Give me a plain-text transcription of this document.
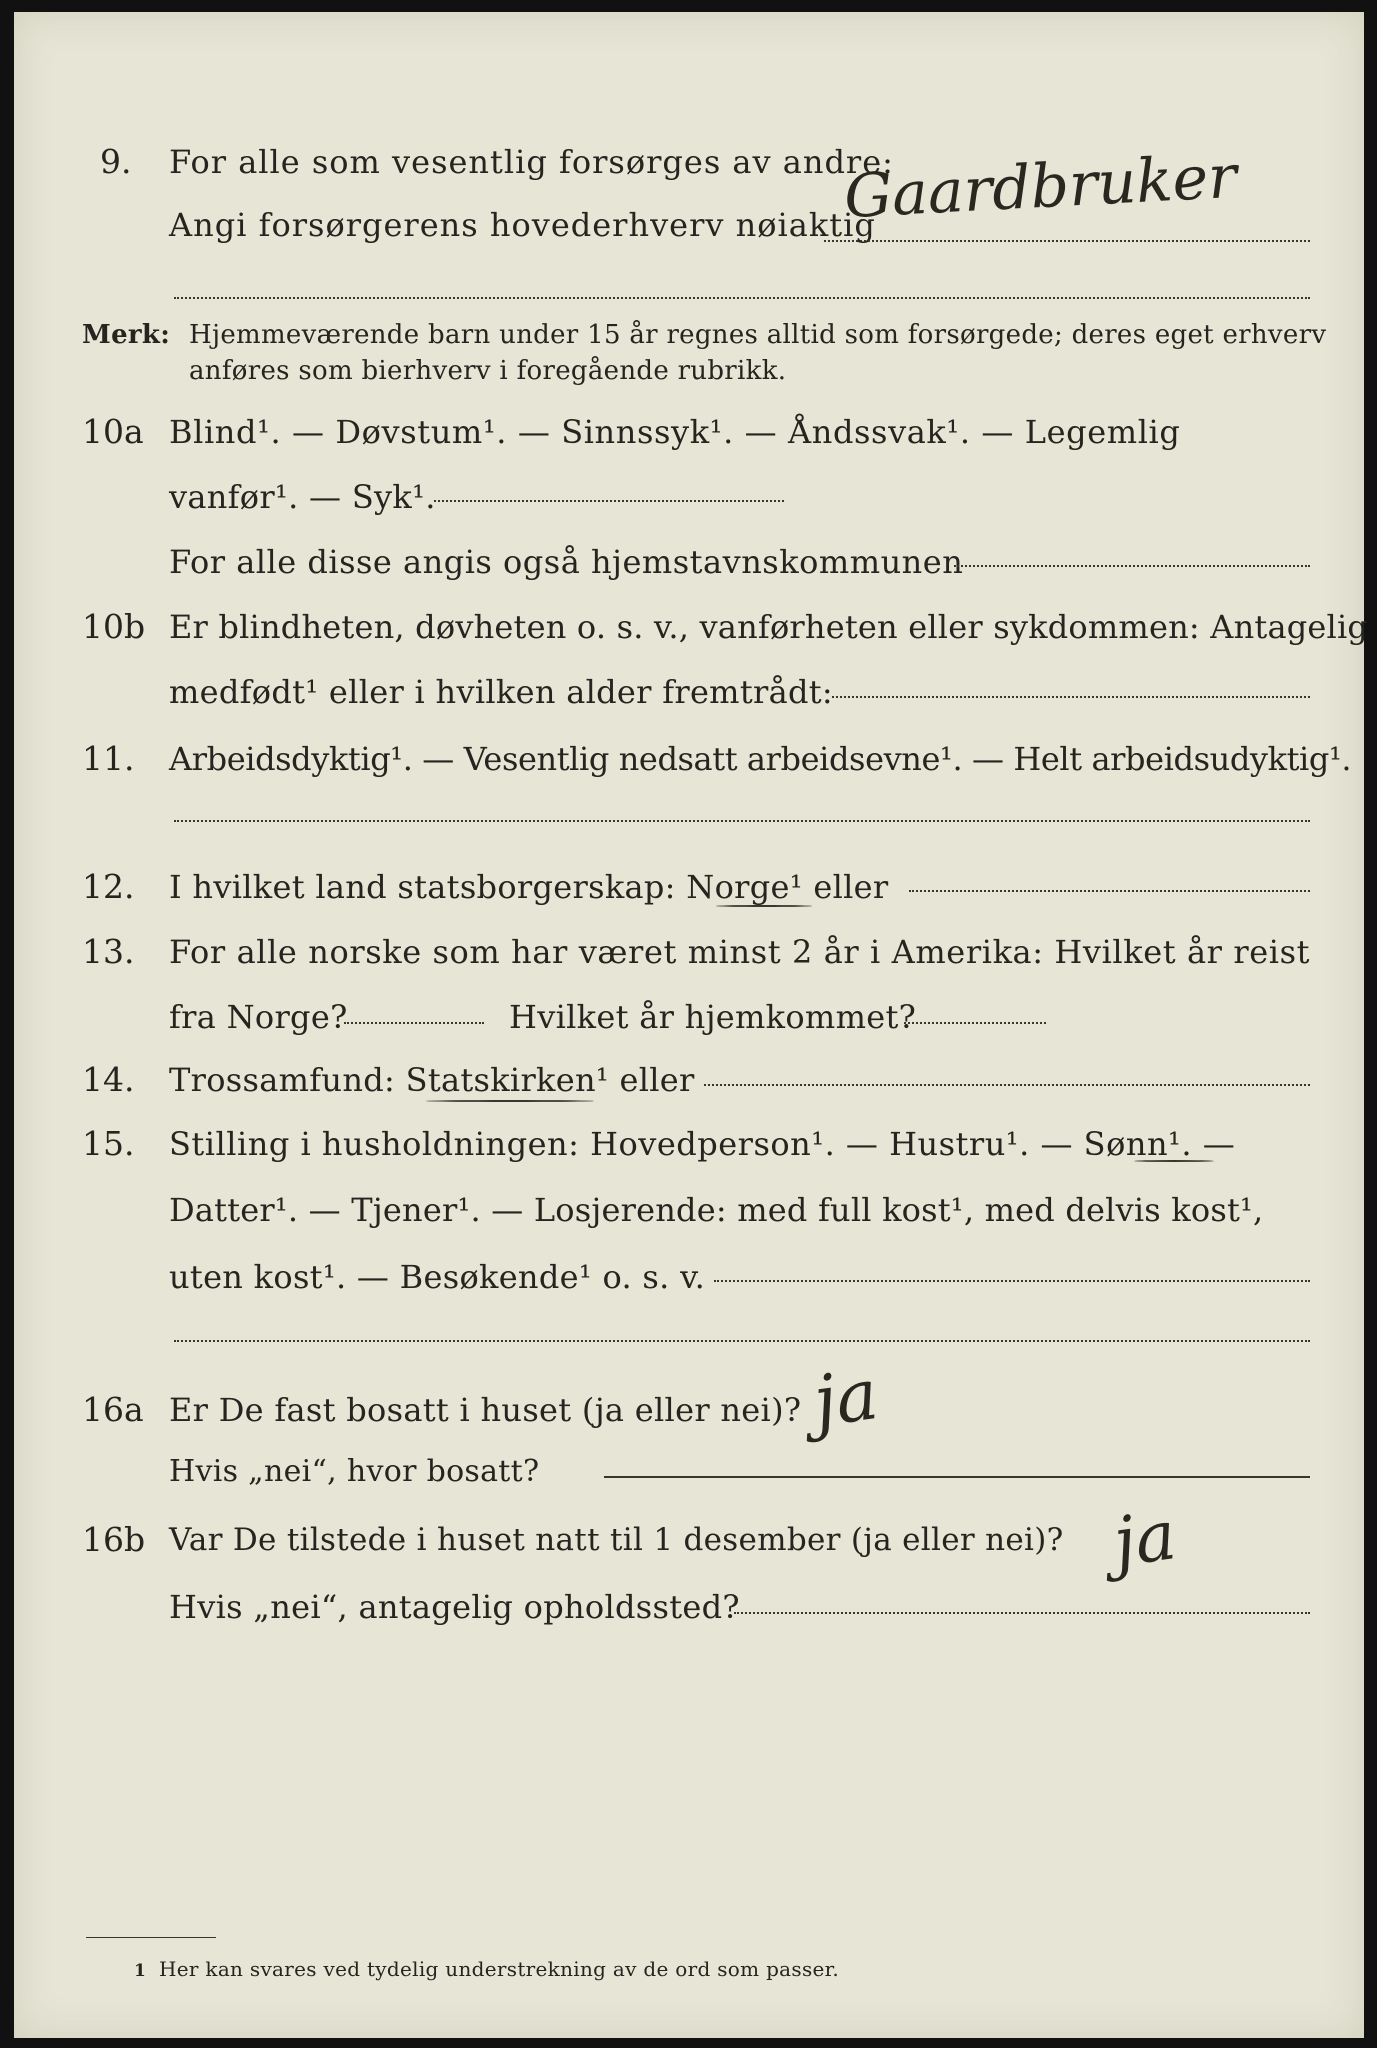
9. For alle som vesentlig forsørges av andre:
Gaardbruker
Angi forsørgerens hovederhverv nøiaktig
Merk: Hjemmeværende barn under 15 år regnes alltid som forsørgede; deres eget erhverv
anføres som bierhverv i foregående rubrikk.
10a Blind¹. — Døvstum¹. — Sinnssyk¹. — Åndssvak¹. — Legemlig
vanfør¹. — Syk¹.
For alle disse angis også hjemstavnskommunen
10b Er blindheten, døvheten o. s. v., vanførheten eller sykdommen: Antagelig
medfødt¹ eller i hvilken alder fremtrådt:
11. Arbeidsdyktig¹. — Vesentlig nedsatt arbeidsevne¹. — Helt arbeidsudyktig¹.
12. I hvilket land statsborgerskap: Norge¹ eller
13. For alle norske som har været minst 2 år i Amerika: Hvilket år reist
fra Norge?	Hvilket år hjemkommet?
14. Trossamfund: Statskirken¹ eller
15. Stilling i husholdningen: Hovedperson¹. — Hustru¹. — Sønn¹. —
Datter¹. — Tjener¹. — Losjerende: med full kost¹, med delvis kost¹,
uten kost¹. — Besøkende¹ o. s. v.
16a Er De fast bosatt i huset (ja eller nei)? ja
Hvis „nei“, hvor bosatt?
16b Var De tilstede i huset natt til 1 desember (ja eller nei)? ja
Hvis „nei“, antagelig opholdssted?
1 Her kan svares ved tydelig understrekning av de ord som passer.
